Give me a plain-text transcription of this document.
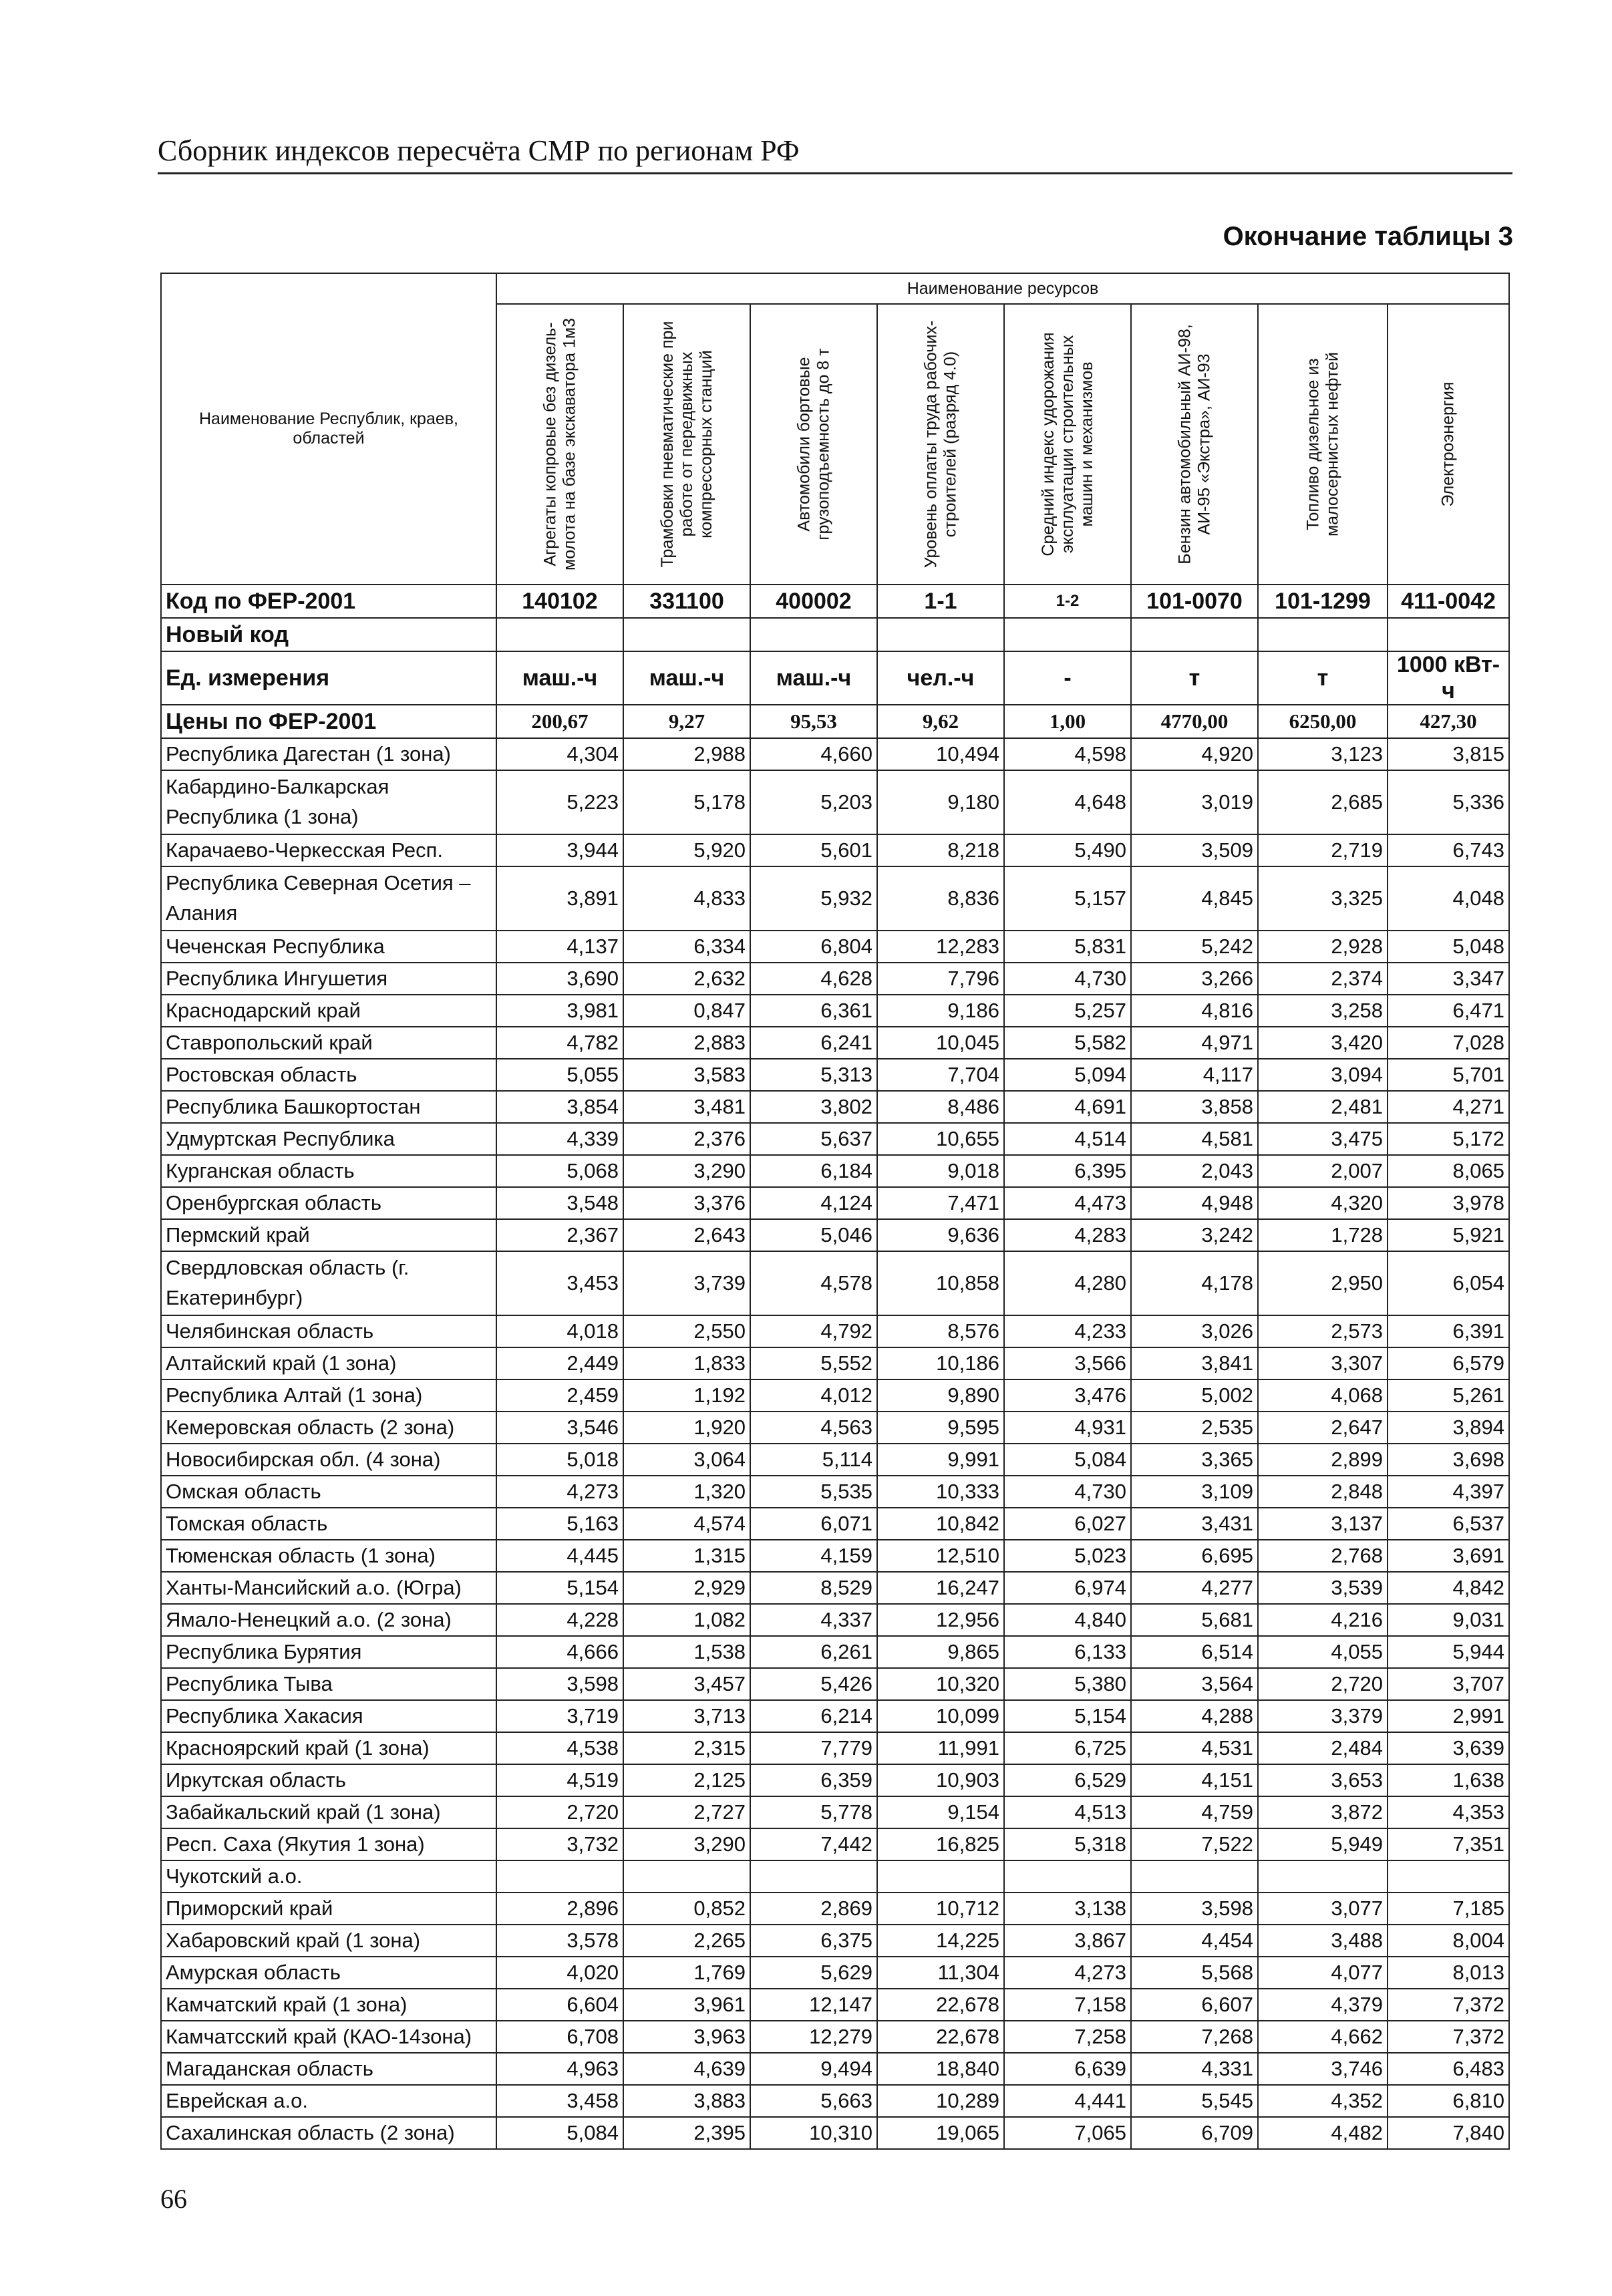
Сборник индексов пересчёта СМР по регионам РФ
Окончание таблицы 3
Наименование Республик, краев, областей	Наименование ресурсов							

	Агрегаты копровые без дизель-молота на базе экскаватора 1м3	Трамбовки пневматические при работе от передвижных компрессорных станций	Автомобили бортовые грузоподъемность до 8 т	Уровень оплаты труда рабочих-строителей (разряд 4.0)	Средний индекс удорожания эксплуатации строительных машин и механизмов	Бензин автомобильный АИ-98, АИ-95 «Экстра», АИ-93	Топливо дизельное из малосернистых нефтей	Электроэнергия

Код по ФЕР-2001	140102	331100	400002	1-1	1-2	101-0070	101-1299	411-0042
Новый код								
Ед. измерения	маш.-ч	маш.-ч	маш.-ч	чел.-ч	-	т	т	1000 кВт-ч
Цены по ФЕР-2001	200,67	9,27	95,53	9,62	1,00	4770,00	6250,00	427,30
Республика Дагестан (1 зона)	4,304	2,988	4,660	10,494	4,598	4,920	3,123	3,815
Кабардино-Балкарская Республика (1 зона)	5,223	5,178	5,203	9,180	4,648	3,019	2,685	5,336
Карачаево-Черкесская Респ.	3,944	5,920	5,601	8,218	5,490	3,509	2,719	6,743
Республика Северная Осетия – Алания	3,891	4,833	5,932	8,836	5,157	4,845	3,325	4,048
Чеченская Республика	4,137	6,334	6,804	12,283	5,831	5,242	2,928	5,048
Республика Ингушетия	3,690	2,632	4,628	7,796	4,730	3,266	2,374	3,347
Краснодарский край	3,981	0,847	6,361	9,186	5,257	4,816	3,258	6,471
Ставропольский край	4,782	2,883	6,241	10,045	5,582	4,971	3,420	7,028
Ростовская область	5,055	3,583	5,313	7,704	5,094	4,117	3,094	5,701
Республика Башкортостан	3,854	3,481	3,802	8,486	4,691	3,858	2,481	4,271
Удмуртская Республика	4,339	2,376	5,637	10,655	4,514	4,581	3,475	5,172
Курганская область	5,068	3,290	6,184	9,018	6,395	2,043	2,007	8,065
Оренбургская область	3,548	3,376	4,124	7,471	4,473	4,948	4,320	3,978
Пермский край	2,367	2,643	5,046	9,636	4,283	3,242	1,728	5,921
Свердловская область (г. Екатеринбург)	3,453	3,739	4,578	10,858	4,280	4,178	2,950	6,054
Челябинская область	4,018	2,550	4,792	8,576	4,233	3,026	2,573	6,391
Алтайский край (1 зона)	2,449	1,833	5,552	10,186	3,566	3,841	3,307	6,579
Республика Алтай (1 зона)	2,459	1,192	4,012	9,890	3,476	5,002	4,068	5,261
Кемеровская область (2 зона)	3,546	1,920	4,563	9,595	4,931	2,535	2,647	3,894
Новосибирская обл. (4 зона)	5,018	3,064	5,114	9,991	5,084	3,365	2,899	3,698
Омская область	4,273	1,320	5,535	10,333	4,730	3,109	2,848	4,397
Томская область	5,163	4,574	6,071	10,842	6,027	3,431	3,137	6,537
Тюменская область (1 зона)	4,445	1,315	4,159	12,510	5,023	6,695	2,768	3,691
Ханты-Мансийский а.о. (Югра)	5,154	2,929	8,529	16,247	6,974	4,277	3,539	4,842
Ямало-Ненецкий а.о. (2 зона)	4,228	1,082	4,337	12,956	4,840	5,681	4,216	9,031
Республика Бурятия	4,666	1,538	6,261	9,865	6,133	6,514	4,055	5,944
Республика Тыва	3,598	3,457	5,426	10,320	5,380	3,564	2,720	3,707
Республика Хакасия	3,719	3,713	6,214	10,099	5,154	4,288	3,379	2,991
Красноярский край (1 зона)	4,538	2,315	7,779	11,991	6,725	4,531	2,484	3,639
Иркутская область	4,519	2,125	6,359	10,903	6,529	4,151	3,653	1,638
Забайкальский край (1 зона)	2,720	2,727	5,778	9,154	4,513	4,759	3,872	4,353
Респ. Саха (Якутия 1 зона)	3,732	3,290	7,442	16,825	5,318	7,522	5,949	7,351
Чукотский а.о.								
Приморский край	2,896	0,852	2,869	10,712	3,138	3,598	3,077	7,185
Хабаровский край (1 зона)	3,578	2,265	6,375	14,225	3,867	4,454	3,488	8,004
Амурская область	4,020	1,769	5,629	11,304	4,273	5,568	4,077	8,013
Камчатский край (1 зона)	6,604	3,961	12,147	22,678	7,158	6,607	4,379	7,372
Камчатсский край (КАО-14зона)	6,708	3,963	12,279	22,678	7,258	7,268	4,662	7,372
Магаданская область	4,963	4,639	9,494	18,840	6,639	4,331	3,746	6,483
Еврейская а.о.	3,458	3,883	5,663	10,289	4,441	5,545	4,352	6,810
Сахалинская область (2 зона)	5,084	2,395	10,310	19,065	7,065	6,709	4,482	7,840
66
